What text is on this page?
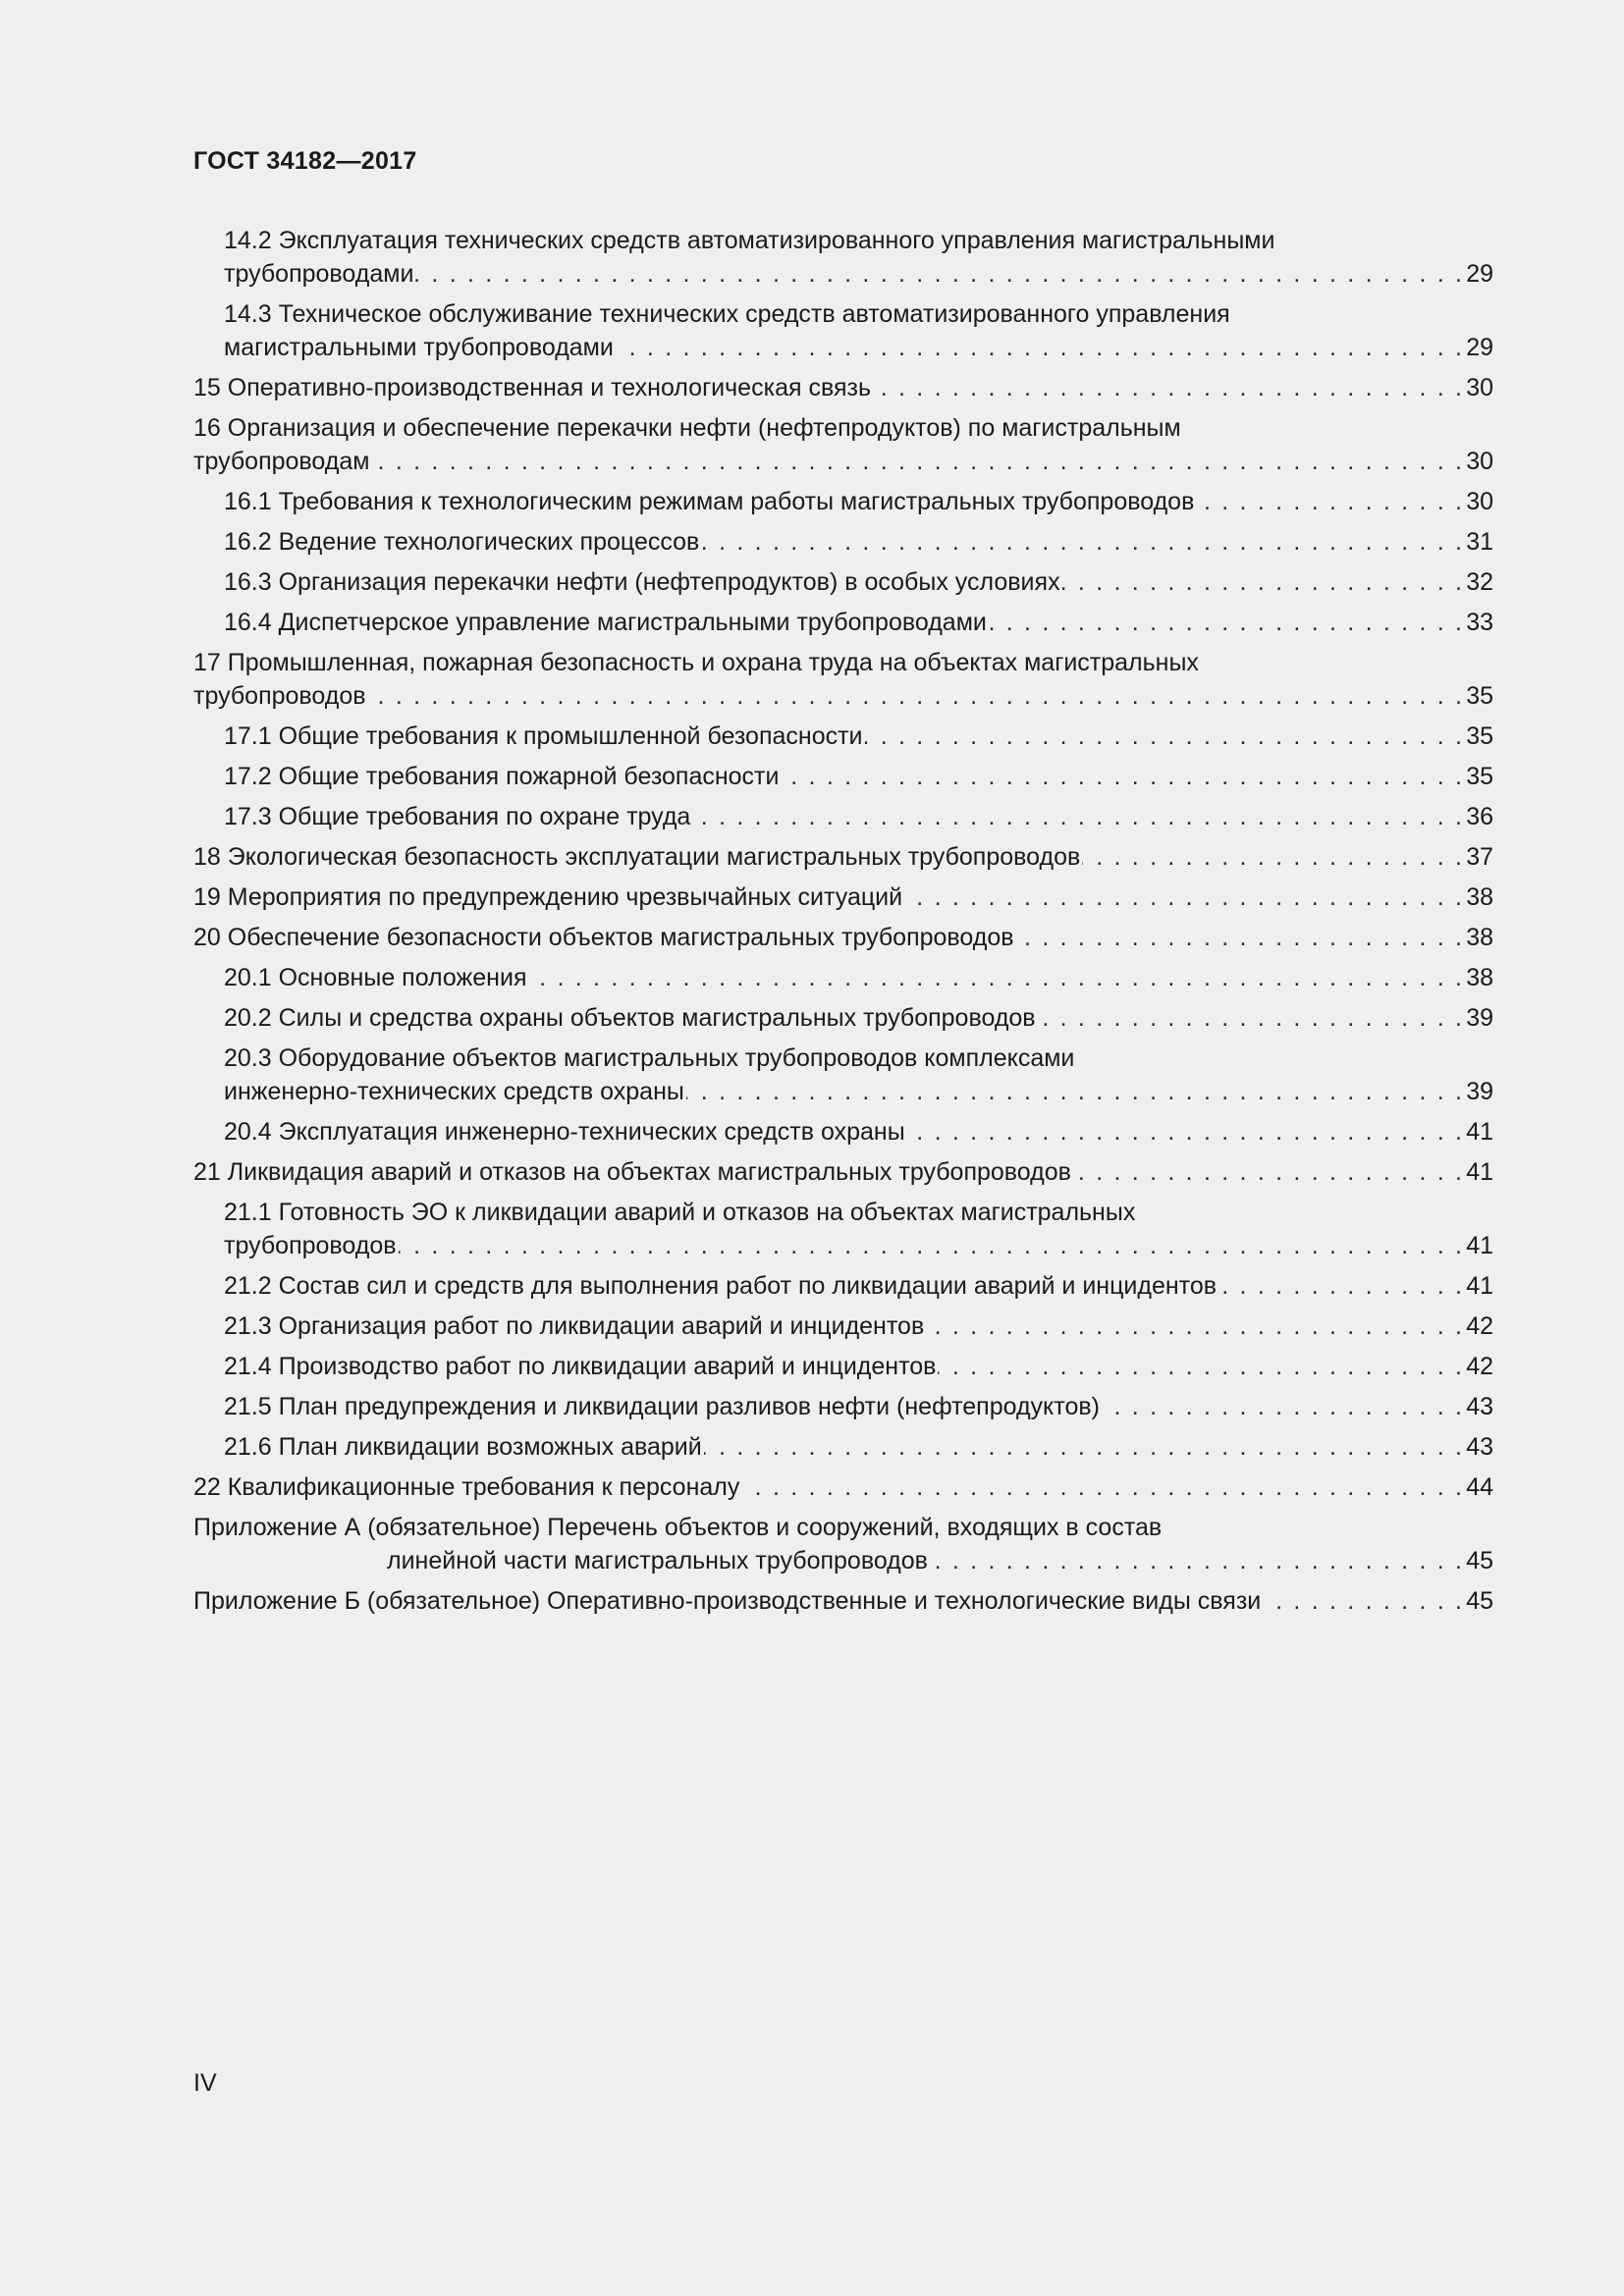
ГОСТ 34182—2017
14.2 Эксплуатация технических средств автоматизированного управления магистральными
трубопроводами . . .	29
14.3 Техническое обслуживание технических средств автоматизированного управления
магистральными трубопроводами . . .	29
15 Оперативно-производственная и технологическая связь . . .	30
16 Организация и обеспечение перекачки нефти (нефтепродуктов) по магистральным
трубопроводам . . .	30
16.1 Требования к технологическим режимам работы магистральных трубопроводов . . .	30
16.2 Ведение технологических процессов . . .	31
16.3 Организация перекачки нефти (нефтепродуктов) в особых условиях . . .	32
16.4 Диспетчерское управление магистральными трубопроводами . . .	33
17 Промышленная, пожарная безопасность и охрана труда на объектах магистральных
трубопроводов . . .	35
17.1 Общие требования к промышленной безопасности . . .	35
17.2 Общие требования пожарной безопасности . . .	35
17.3 Общие требования по охране труда . . .	36
18 Экологическая безопасность эксплуатации магистральных трубопроводов . . .	37
19 Мероприятия по предупреждению чрезвычайных ситуаций . . .	38
20 Обеспечение безопасности объектов магистральных трубопроводов . . .	38
20.1 Основные положения . . .	38
20.2 Силы и средства охраны объектов магистральных трубопроводов . . .	39
20.3 Оборудование объектов магистральных трубопроводов комплексами
инженерно-технических средств охраны . . .	39
20.4 Эксплуатация инженерно-технических средств охраны . . .	41
21 Ликвидация аварий и отказов на объектах магистральных трубопроводов . . .	41
21.1 Готовность ЭО к ликвидации аварий и отказов на объектах магистральных
трубопроводов . . .	41
21.2 Состав сил и средств для выполнения работ по ликвидации аварий и инцидентов . . .	41
21.3 Организация работ по ликвидации аварий и инцидентов . . .	42
21.4 Производство работ по ликвидации аварий и инцидентов . . .	42
21.5 План предупреждения и ликвидации разливов нефти (нефтепродуктов) . . .	43
21.6 План ликвидации возможных аварий . . .	43
22 Квалификационные требования к персоналу . . .	44
Приложение А (обязательное) Перечень объектов и сооружений, входящих в состав
линейной части магистральных трубопроводов . . .	45
Приложение Б (обязательное) Оперативно-производственные и технологические виды связи . . .	45
IV
